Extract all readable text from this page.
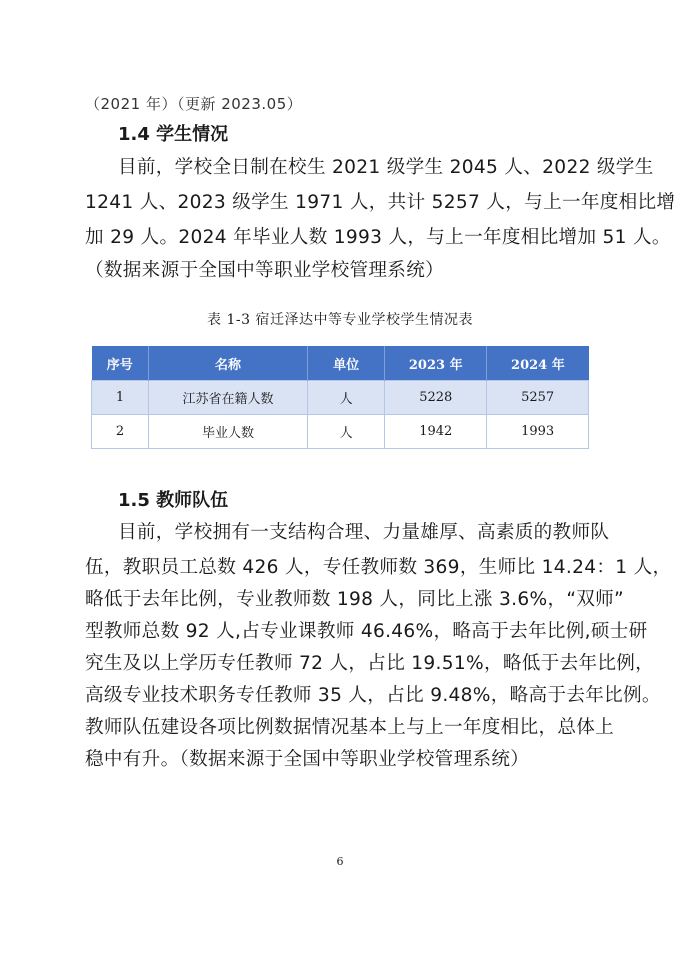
（2021 年）（更新 2023.05）
1.4 学生情况
目前，学校全日制在校生 2021 级学生 2045 人、2022 级学生
1241 人、2023 级学生 1971 人，共计 5257 人，与上一年度相比增
加 29 人。2024 年毕业人数 1993 人，与上一年度相比增加 51 人。
（数据来源于全国中等职业学校管理系统）
表 1-3 宿迁泽达中等专业学校学生情况表
序号	名称	单位	2023 年	2024 年
1	江苏省在籍人数	人	5228	5257
2	毕业人数	人	1942	1993
1.5 教师队伍
目前，学校拥有一支结构合理、力量雄厚、高素质的教师队
伍，教职员工总数 426 人，专任教师数 369，生师比 14.24：1 人，
略低于去年比例，专业教师数 198 人，同比上涨 3.6%，“双师”
型教师总数 92 人,占专业课教师 46.46%，略高于去年比例,硕士研
究生及以上学历专任教师 72 人，占比 19.51%，略低于去年比例，
高级专业技术职务专任教师 35 人，占比 9.48%，略高于去年比例。
教师队伍建设各项比例数据情况基本上与上一年度相比，总体上
稳中有升。（数据来源于全国中等职业学校管理系统）
6
